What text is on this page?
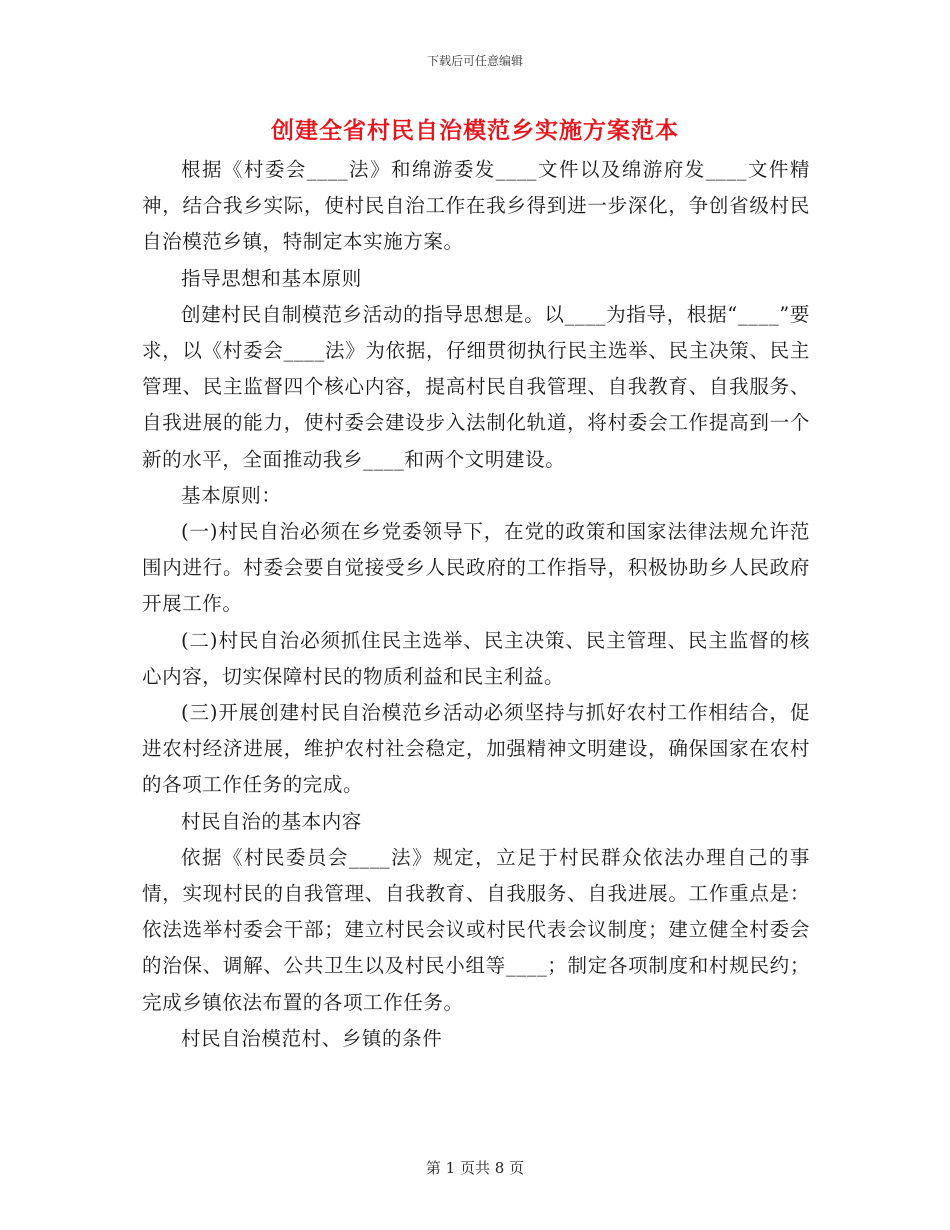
下载后可任意编辑
创建全省村民自治模范乡实施方案范本

根据《村委会____法》和绵游委发____文件以及绵游府发____文件精神，结合我乡实际，使村民自治工作在我乡得到进一步深化，争创省级村民自治模范乡镇，特制定本实施方案。

指导思想和基本原则

创建村民自制模范乡活动的指导思想是。以____为指导，根据“____”要求，以《村委会____法》为依据，仔细贯彻执行民主选举、民主决策、民主管理、民主监督四个核心内容，提高村民自我管理、自我教育、自我服务、自我进展的能力，使村委会建设步入法制化轨道，将村委会工作提高到一个新的水平，全面推动我乡____和两个文明建设。

基本原则：

(一)村民自治必须在乡党委领导下，在党的政策和国家法律法规允许范围内进行。村委会要自觉接受乡人民政府的工作指导，积极协助乡人民政府开展工作。

(二)村民自治必须抓住民主选举、民主决策、民主管理、民主监督的核心内容，切实保障村民的物质利益和民主利益。

(三)开展创建村民自治模范乡活动必须坚持与抓好农村工作相结合，促进农村经济进展，维护农村社会稳定，加强精神文明建设，确保国家在农村的各项工作任务的完成。

村民自治的基本内容

依据《村民委员会____法》规定，立足于村民群众依法办理自己的事情，实现村民的自我管理、自我教育、自我服务、自我进展。工作重点是：依法选举村委会干部；建立村民会议或村民代表会议制度；建立健全村委会的治保、调解、公共卫生以及村民小组等____；制定各项制度和村规民约；完成乡镇依法布置的各项工作任务。

村民自治模范村、乡镇的条件

第 1 页共 8 页
